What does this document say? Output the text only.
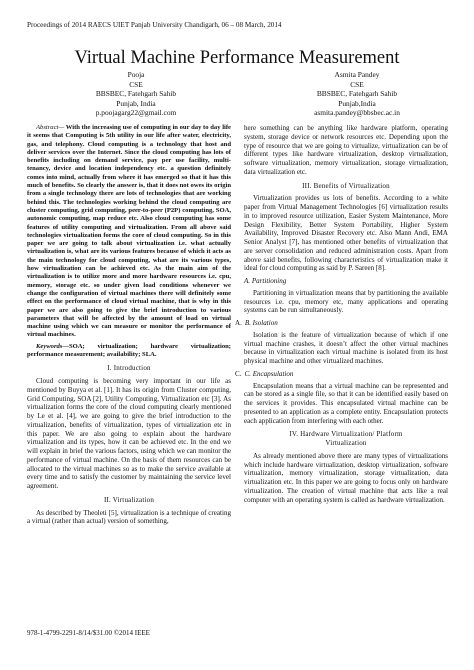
Proceedings of 2014 RAECS UIET Panjab University Chandigarh, 06 – 08 March, 2014
Virtual Machine Performance Measurement
Pooja
CSE
BBSBEC, Fatehgarh Sahib
Punjab, India
p.poojagarg22@gmail.com
Asmita Pandey
CSE
BBSBEC, Fatehgarh Sahib
Punjab,India
asmita.pandey@bbsbec.ac.in

Abstract— With the increasing use of computing in our day to day life it seems that Computing is 5th utility in our life after water, electricity, gas, and telephony. Cloud computing is a technology that host and deliver services over the Internet. Since the cloud computing has lots of benefits including on demand service, pay per use facility, multi- tenancy, device and location independency etc. a question definitely comes into mind, actually from where it has emerged so that it has this much of benefits. So clearly the answer is, that it does not owes its origin from a single technology there are lots of technologies that are working behind this. The technologies working behind the cloud computing are cluster computing, grid computing, peer-to-peer (P2P) computing, SOA, autonomic computing, map reduce etc. Also cloud computing has some features of utility computing and virtualization. From all above said technologies virtualization forms the core of cloud computing. So in this paper we are going to talk about virtualization i.e. what actually virtualization is, what are its various features because of which it acts as the main technology for cloud computing, what are its various types, how virtualization can be achieved etc. As the main aim of the virtualization is to utilize more and more hardware resources i.e. cpu, memory, storage etc. so under given load conditions whenever we change the configuration of virtual machines there will definitely some effect on the performance of cloud virtual machine, that is why in this paper we are also going to give the brief introduction to various parameters that will be affected by the amount of load on virtual machine using which we can measure or monitor the performance of virtual machines.

Keywords—SOA; virtualization; hardware virtualization; performance measurement; availability; SLA.

I. Introduction

Cloud computing is becoming very important in our life as mentioned by Buyya et al. [1]. It has its origin from Cluster computing, Grid Computing, SOA [2], Utility Computing, Virtualization etc [3]. As virtualization forms the core of the cloud computing clearly mentioned by Le et al. [4], we are going to give the brief introduction to the virtualization, benefits of virtualization, types of virtualization etc in this paper. We are also going to explain about the hardware virtualization and its types, how it can be achieved etc. In the end we will explain in brief the various factors, using which we can monitor the performance of virtual machine. On the basis of them resources can be allocated to the virtual machines so as to make the service available at every time and to satisfy the customer by maintaining the service level agreement.

II. Virtualization

As described by Theoleti [5], virtualization is a technique of creating a virtual (rather than actual) version of something,

here something can be anything like hardware platform, operating system, storage device or network resources etc. Depending upon the type of resource that we are going to virtualize, virtualization can be of different types like hardware virtualization, desktop virtualization, software virtualization, memory virtualization, storage virtualization, data virtualization etc.

III. Benefits of Virtualization

Virtualization provides us lots of benefits. According to a white paper from Virtual Management Technologies [6] virtualization results in to improved resource utilization, Easier System Maintenance, More Design Flexibility, Better System Portability, Higher System Availability, Improved Disaster Recovery etc. Also Mann Andi, EMA Senior Analyst [7], has mentioned other benefits of virtualization that are server consolidation and reduced administration costs. Apart from above said benefits, following characteristics of virtualization make it ideal for cloud computing as said by P. Sareen [8].

A. Partitioning

Partitioning in virtualization means that by partitioning the available resources i.e. cpu, memory etc, many applications and operating systems can be run simultaneously.

A. B. Isolation

Isolation is the feature of virtualization because of which if one virtual machine crashes, it doesn’t affect the other virtual machines because in virtualization each virtual machine is isolated from its host physical machine and other virtualized machines.

C. C. Encapsulation

Encapsulation means that a virtual machine can be represented and can be stored as a single file, so that it can be identified easily based on the services it provides. This encapsulated virtual machine can be presented to an application as a complete entity. Encapsulation protects each application from interfering with each other.

IV. Hardware Virtualization/ Platform
Virtualization

As already mentioned above there are many types of virtualizations which include hardware virtualization, desktop virtualization, software virtualization, memory virtualization, storage virtualization, data virtualization etc. In this paper we are going to focus only on hardware virtualization. The creation of virtual machine that acts like a real computer with an operating system is called as hardware virtualization.

978-1-4799-2291-8/14/$31.00 ©2014 IEEE
